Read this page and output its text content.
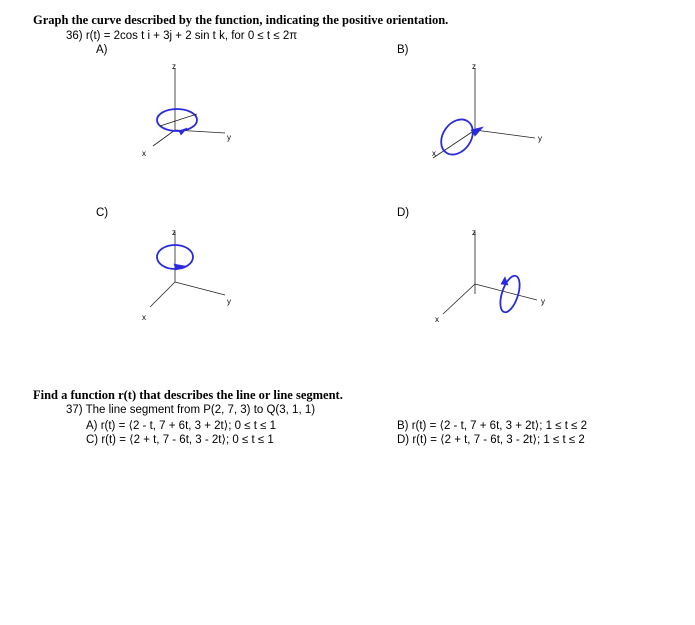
Graph the curve described by the function, indicating the positive orientation.
36) r(t) = 2cos t i + 3j + 2 sin t k, for 0 ≤ t ≤ 2π
A)	B)
C)	D)
z
y
x
z
y
x
z
y
x
z
y
x
Find a function r(t) that describes the line or line segment.
37) The line segment from P(2, 7, 3) to Q(3, 1, 1)
A) r(t) = ⟨2 - t, 7 + 6t, 3 + 2t⟩; 0 ≤ t ≤ 1
C) r(t) = ⟨2 + t, 7 - 6t, 3 - 2t⟩; 0 ≤ t ≤ 1
B) r(t) = ⟨2 - t, 7 + 6t, 3 + 2t⟩; 1 ≤ t ≤ 2
D) r(t) = ⟨2 + t, 7 - 6t, 3 - 2t⟩; 1 ≤ t ≤ 2
